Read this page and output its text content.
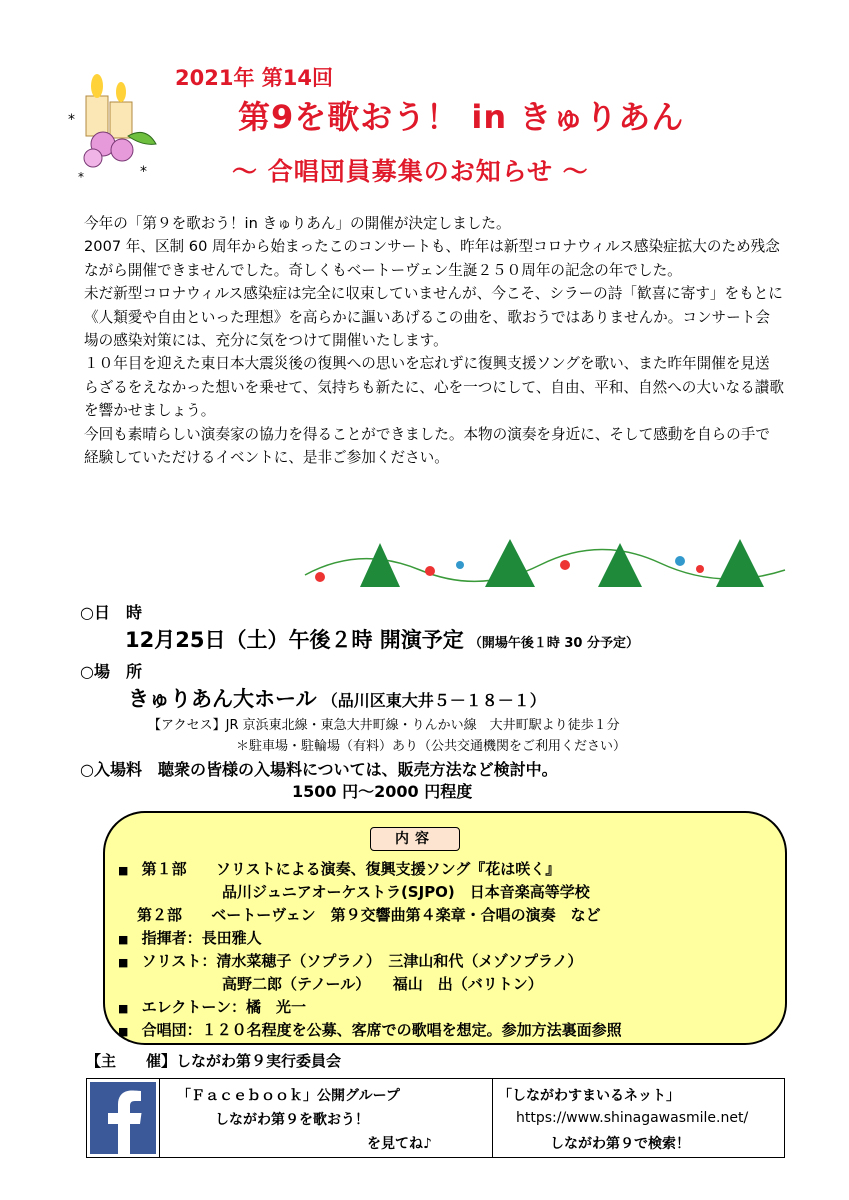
*
*
*
2021年 第14回
第9を歌おう！ in きゅりあん
～ 合唱団員募集のお知らせ ～

今年の「第９を歌おう！in きゅりあん」の開催が決定しました。

2007 年、区制 60 周年から始まったこのコンサートも、昨年は新型コロナウィルス感染症拡大のため残念ながら開催できませんでした。奇しくもベートーヴェン生誕２５０周年の記念の年でした。

未だ新型コロナウィルス感染症は完全に収束していませんが、今こそ、シラーの詩「歓喜に寄す」をもとに《人類愛や自由といった理想》を高らかに謳いあげるこの曲を、歌おうではありませんか。コンサート会場の感染対策には、充分に気をつけて開催いたします。

１０年目を迎えた東日本大震災後の復興への思いを忘れずに復興支援ソングを歌い、また昨年開催を見送らざるをえなかった想いを乗せて、気持ちも新たに、心を一つにして、自由、平和、自然への大いなる讃歌を響かせましょう。

今回も素晴らしい演奏家の協力を得ることができました。本物の演奏を身近に、そして感動を自らの手で経験していただけるイベントに、是非ご参加ください。

○日　時
12月25日（土）午後２時 開演予定 （開場午後１時 30 分予定）
○場　所
きゅりあん大ホール （品川区東大井５－１８－１）
【アクセス】JR 京浜東北線・東急大井町線・りんかい線　大井町駅より徒歩１分
＊駐車場・駐輪場（有料）あり（公共交通機関をご利用ください）
○入場料　聴衆の皆様の入場料については、販売方法など検討中。
1500 円～2000 円程度
内容
■ 第１部 ソリストによる演奏、復興支援ソング『花は咲く』
品川ジュニアオーケストラ(SJPO)　日本音楽高等学校
第２部 ベートーヴェン　第９交響曲第４楽章・合唱の演奏　など
■ 指揮者：長田雅人
■ ソリスト：清水菜穂子（ソプラノ）　三津山和代（メゾソプラノ）
高野二郎（テノール）　　福山　出（バリトン）
■ エレクトーン：橘　光一
■ 合唱団：１２０名程度を公募、客席での歌唱を想定。参加方法裏面参照
【主　　催】しながわ第９実行委員会
「Ｆａｃｅｂｏｏｋ」公開グループ
しながわ第９を歌おう！
を見てね♪
「しながわすまいるネット」
https://www.shinagawasmile.net/
しながわ第９で検索！
